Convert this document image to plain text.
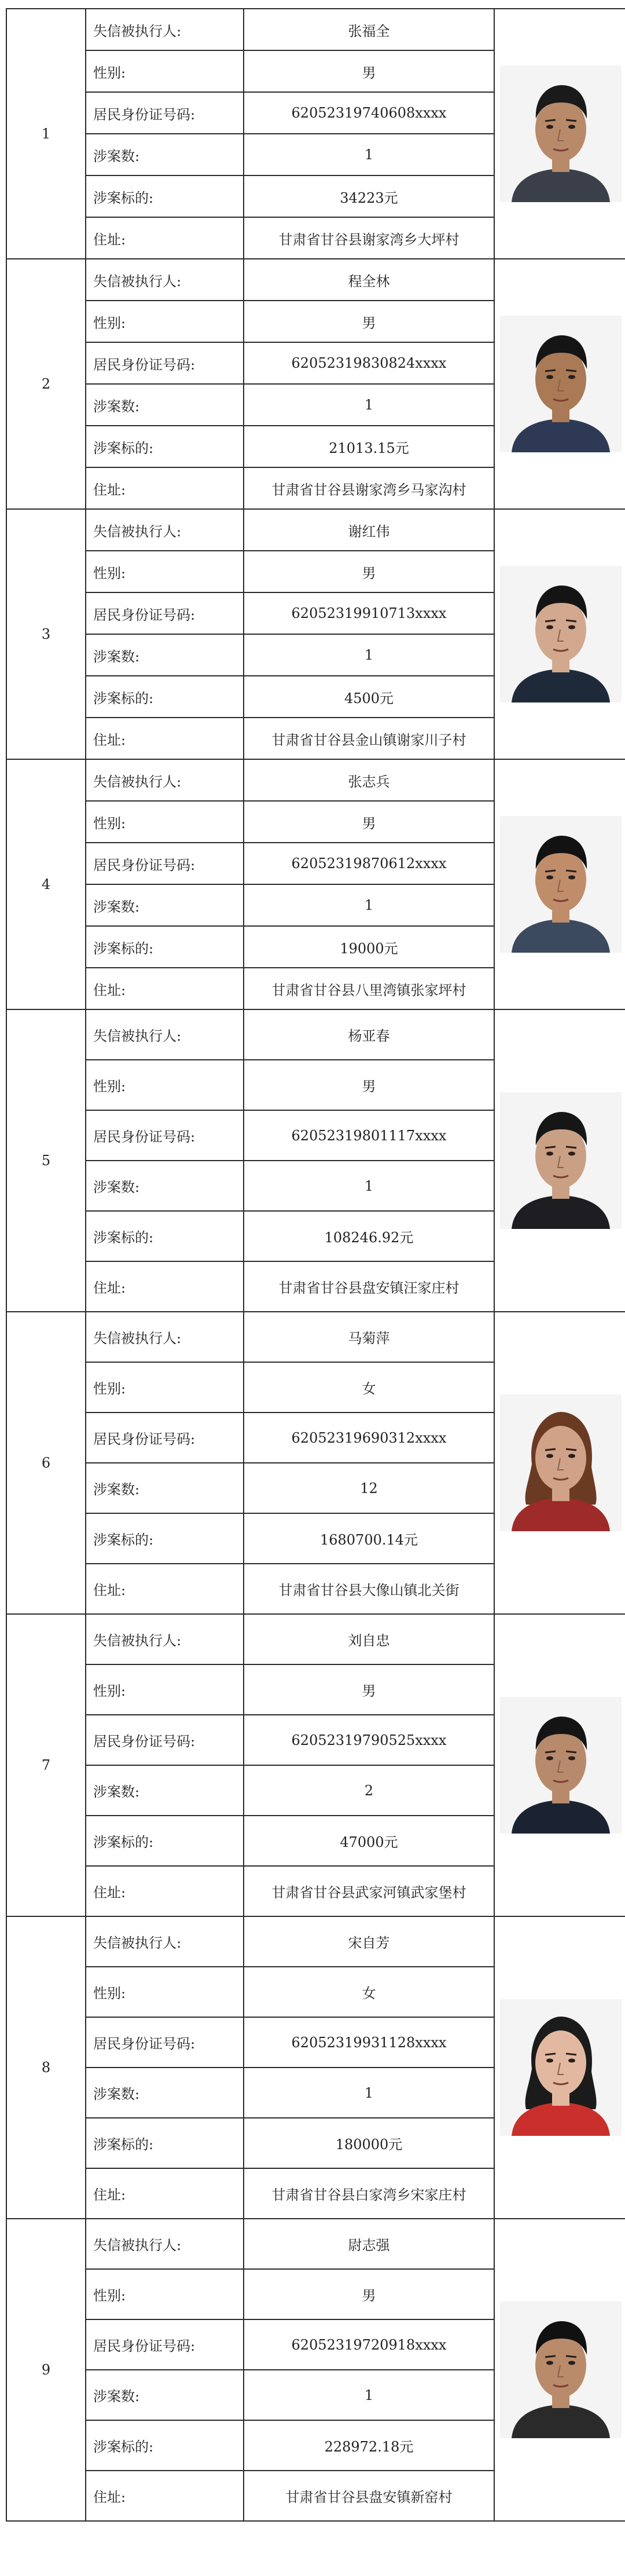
1	失信被执行人:	张福全	

	性别:	男	
	居民身份证号码:	62052319740608xxxx	
	涉案数:	1	
	涉案标的:	34223元	
	住址:	甘肃省甘谷县谢家湾乡大坪村	
2	失信被执行人:	程全林	

	性别:	男	
	居民身份证号码:	62052319830824xxxx	
	涉案数:	1	
	涉案标的:	21013.15元	
	住址:	甘肃省甘谷县谢家湾乡马家沟村	
3	失信被执行人:	谢红伟	

	性别:	男	
	居民身份证号码:	62052319910713xxxx	
	涉案数:	1	
	涉案标的:	4500元	
	住址:	甘肃省甘谷县金山镇谢家川子村	
4	失信被执行人:	张志兵	

	性别:	男	
	居民身份证号码:	62052319870612xxxx	
	涉案数:	1	
	涉案标的:	19000元	
	住址:	甘肃省甘谷县八里湾镇张家坪村	
5	失信被执行人:	杨亚春	

	性别:	男	
	居民身份证号码:	62052319801117xxxx	
	涉案数:	1	
	涉案标的:	108246.92元	
	住址:	甘肃省甘谷县盘安镇汪家庄村	
6	失信被执行人:	马菊萍	

	性别:	女	
	居民身份证号码:	62052319690312xxxx	
	涉案数:	12	
	涉案标的:	1680700.14元	
	住址:	甘肃省甘谷县大像山镇北关街	
7	失信被执行人:	刘自忠	

	性别:	男	
	居民身份证号码:	62052319790525xxxx	
	涉案数:	2	
	涉案标的:	47000元	
	住址:	甘肃省甘谷县武家河镇武家堡村	
8	失信被执行人:	宋自芳	

	性别:	女	
	居民身份证号码:	62052319931128xxxx	
	涉案数:	1	
	涉案标的:	180000元	
	住址:	甘肃省甘谷县白家湾乡宋家庄村	
9	失信被执行人:	尉志强	

	性别:	男	
	居民身份证号码:	62052319720918xxxx	
	涉案数:	1	
	涉案标的:	228972.18元	
	住址:	甘肃省甘谷县盘安镇新窑村	
